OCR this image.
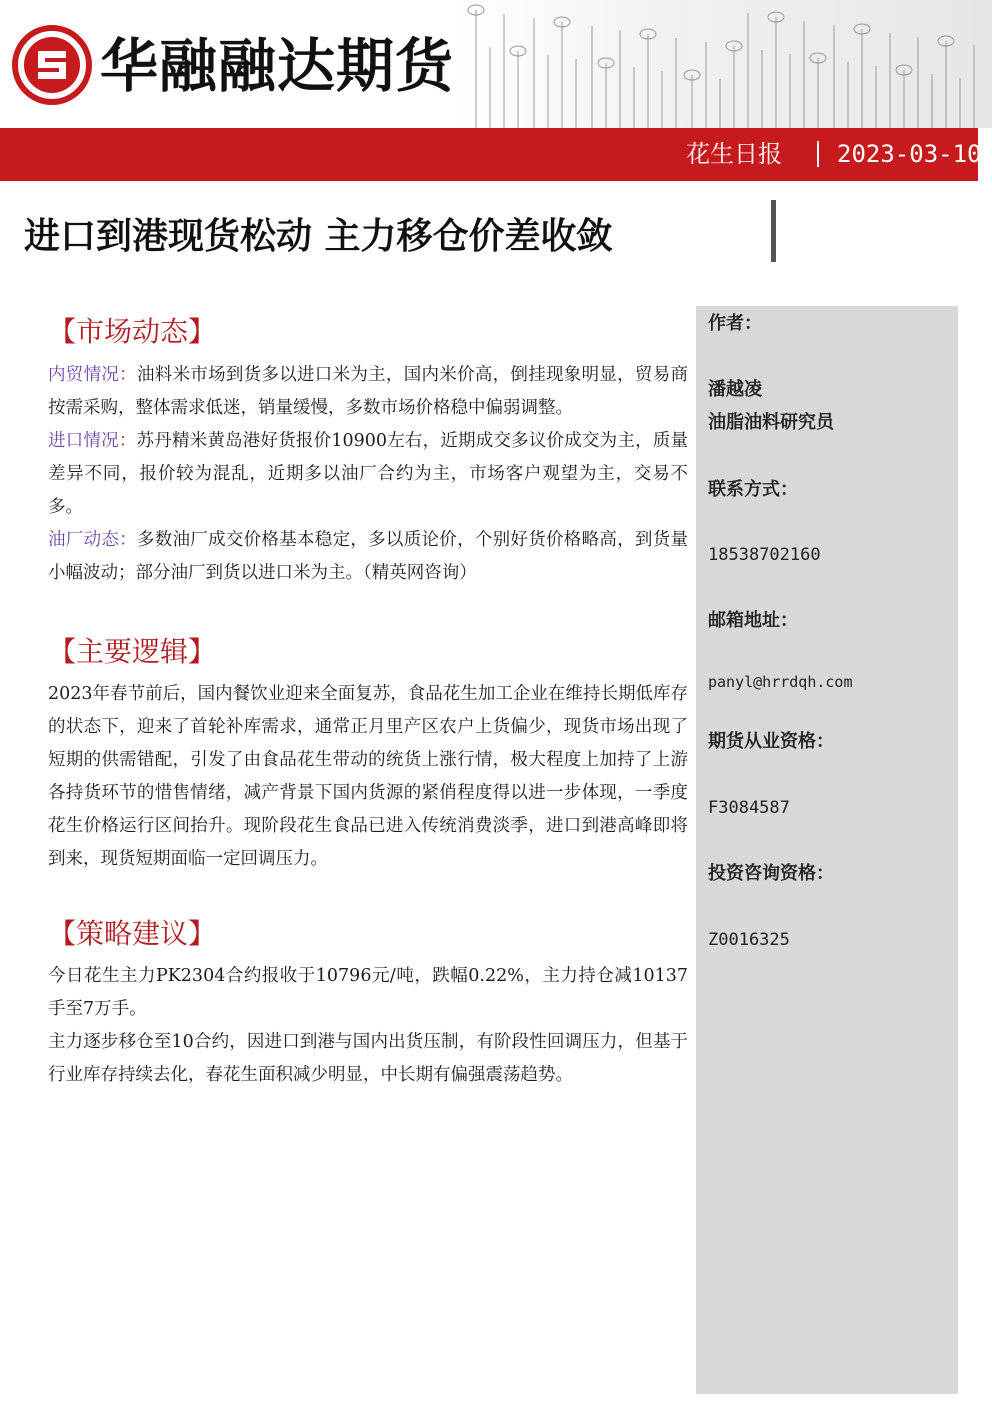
华融融达期货
花生日报 2023-03-10
进口到港现货松动 主力移仓价差收敛
【市场动态】
内贸情况：油料米市场到货多以进口米为主，国内米价高，倒挂现象明显，贸易商按需采购，整体需求低迷，销量缓慢，多数市场价格稳中偏弱调整。
进口情况：苏丹精米黄岛港好货报价10900左右，近期成交多议价成交为主，质量差异不同，报价较为混乱，近期多以油厂合约为主，市场客户观望为主，交易不多。
油厂动态：多数油厂成交价格基本稳定，多以质论价，个别好货价格略高，到货量小幅波动；部分油厂到货以进口米为主。（精英网咨询）
【主要逻辑】
2023年春节前后，国内餐饮业迎来全面复苏，食品花生加工企业在维持长期低库存的状态下，迎来了首轮补库需求，通常正月里产区农户上货偏少，现货市场出现了短期的供需错配，引发了由食品花生带动的统货上涨行情，极大程度上加持了上游各持货环节的惜售情绪，减产背景下国内货源的紧俏程度得以进一步体现，一季度花生价格运行区间抬升。现阶段花生食品已进入传统消费淡季，进口到港高峰即将到来，现货短期面临一定回调压力。
【策略建议】
今日花生主力PK2304合约报收于10796元/吨，跌幅0.22%，主力持仓减10137手至7万手。
主力逐步移仓至10合约，因进口到港与国内出货压制，有阶段性回调压力，但基于行业库存持续去化，春花生面积减少明显，中长期有偏强震荡趋势。
作者：
潘越凌
油脂油料研究员
联系方式：
18538702160
邮箱地址：
panyl@hrrdqh.com
期货从业资格：
F3084587
投资咨询资格：
Z0016325
